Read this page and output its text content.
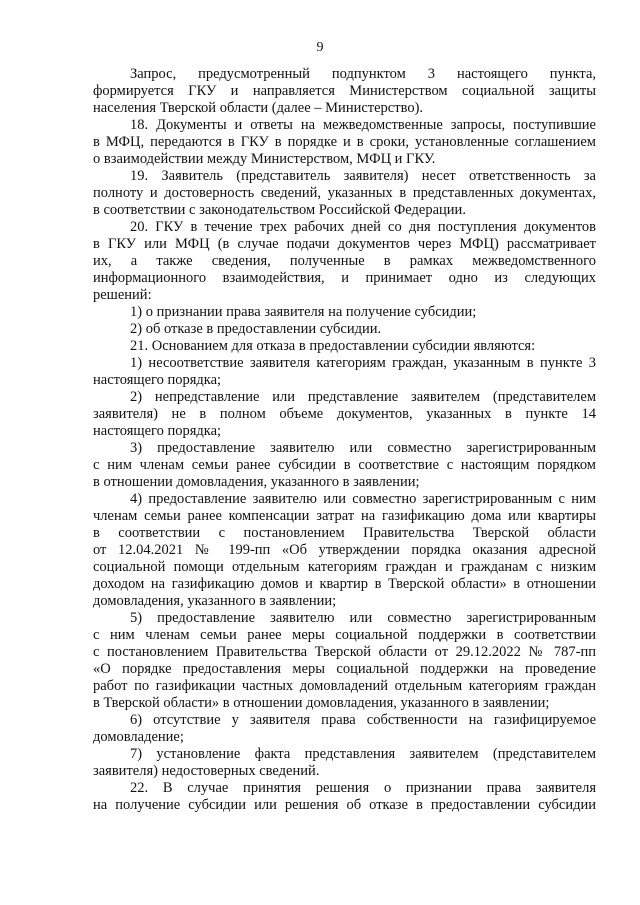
9
Запрос, предусмотренный подпунктом 3 настоящего пункта,
формируется ГКУ и направляется Министерством социальной защиты
населения Тверской области (далее – Министерство).
18. Документы и ответы на межведомственные запросы, поступившие
в МФЦ, передаются в ГКУ в порядке и в сроки, установленные соглашением
о взаимодействии между Министерством, МФЦ и ГКУ.
19. Заявитель (представитель заявителя) несет ответственность за
полноту и достоверность сведений, указанных в представленных документах,
в соответствии с законодательством Российской Федерации.
20. ГКУ в течение трех рабочих дней со дня поступления документов
в ГКУ или МФЦ (в случае подачи документов через МФЦ) рассматривает
их, а также сведения, полученные в рамках межведомственного
информационного взаимодействия, и принимает одно из следующих
решений:
1) о признании права заявителя на получение субсидии;
2) об отказе в предоставлении субсидии.
21. Основанием для отказа в предоставлении субсидии являются:
1) несоответствие заявителя категориям граждан, указанным в пункте 3
настоящего порядка;
2) непредставление или представление заявителем (представителем
заявителя) не в полном объеме документов, указанных в пункте 14
настоящего порядка;
3) предоставление заявителю или совместно зарегистрированным
с ним членам семьи ранее субсидии в соответствие с настоящим порядком
в отношении домовладения, указанного в заявлении;
4) предоставление заявителю или совместно зарегистрированным с ним
членам семьи ранее компенсации затрат на газификацию дома или квартиры
в соответствии с постановлением Правительства Тверской области
от 12.04.2021 № 199-пп «Об утверждении порядка оказания адресной
социальной помощи отдельным категориям граждан и гражданам с низким
доходом на газификацию домов и квартир в Тверской области» в отношении
домовладения, указанного в заявлении;
5) предоставление заявителю или совместно зарегистрированным
с ним членам семьи ранее меры социальной поддержки в соответствии
с постановлением Правительства Тверской области от 29.12.2022 № 787-пп
«О порядке предоставления меры социальной поддержки на проведение
работ по газификации частных домовладений отдельным категориям граждан
в Тверской области» в отношении домовладения, указанного в заявлении;
6) отсутствие у заявителя права собственности на газифицируемое
домовладение;
7) установление факта представления заявителем (представителем
заявителя) недостоверных сведений.
22. В случае принятия решения о признании права заявителя
на получение субсидии или решения об отказе в предоставлении субсидии
